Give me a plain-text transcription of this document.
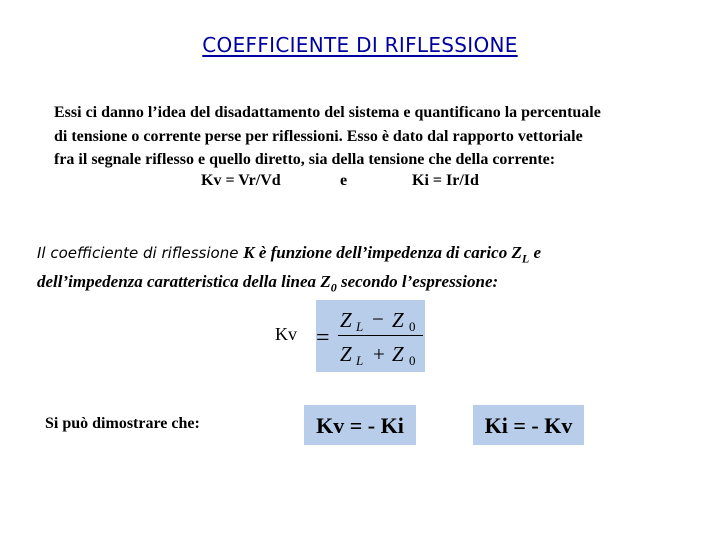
COEFFICIENTE DI RIFLESSIONE
Essi ci danno l’idea del disadattamento del sistema e quantificano la percentuale
di tensione o corrente perse per riflessioni. Esso è dato dal rapporto vettoriale
fra il segnale riflesso e quello diretto, sia della tensione che della corrente:
Kv = Vr/Vd	e	Ki = Ir/Id
Il coefficiente di riflessione K è funzione dell’impedenza di carico $Z_L$ e
dell’impedenza caratteristica della linea $Z_0$ secondo l’espressione:
Kv =
Z L − Z 0
Z L + Z 0
Si può dimostrare che:	Kv = - Ki	Ki = - Kv
